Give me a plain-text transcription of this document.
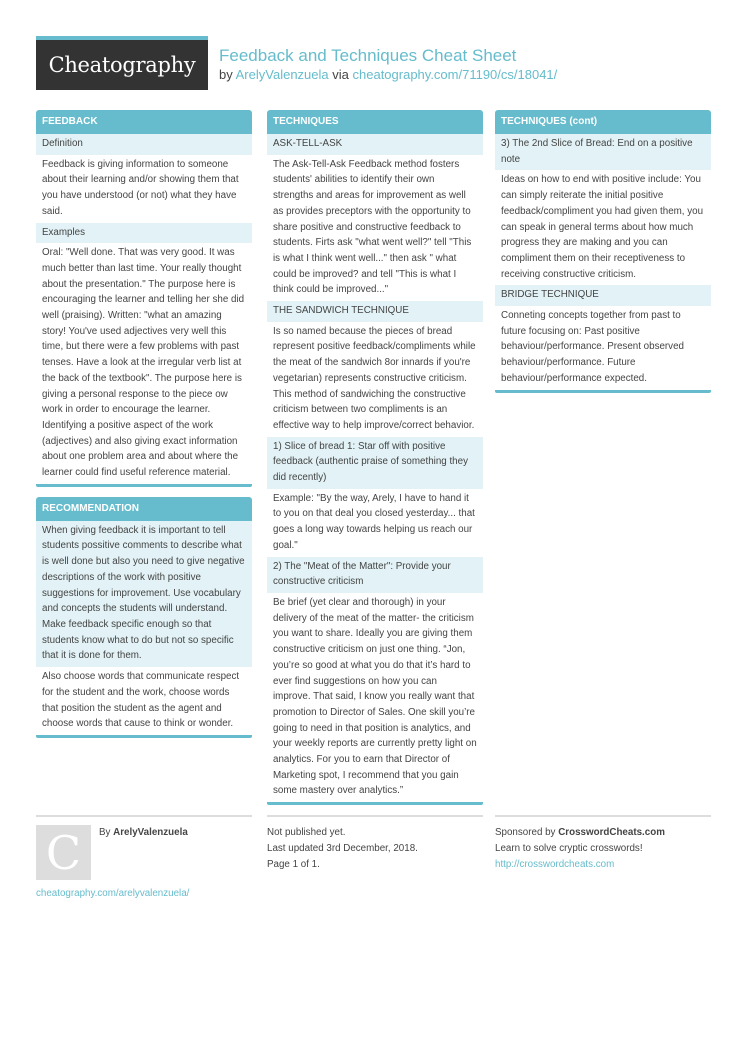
Cheatography	Feedback and Techniques Cheat Sheet
by ArelyValenzuela via cheatography.com/71190/cs/18041/
FEEDBACK
Definition
Feedback is giving information to someone about their learning and/or showing them that you have understood (or not) what they have said.
Examples
Oral: "Well done. That was very good. It was much better than last time. Your really thought about the presentation." The purpose here is encouraging the learner and telling her she did well (praising). Written: "what an amazing story! You've used adjectives very well this time, but there were a few problems with past tenses. Have a look at the irregular verb list at the back of the textbook". The purpose here is giving a personal response to the piece ow work in order to encourage the learner. Identifying a positive aspect of the work (adjectives) and also giving exact information about one problem area and about where the learner could find useful reference material.
RECOMMENDATION
When giving feedback it is important to tell students possitive comments to describe what is well done but also you need to give negative descriptions of the work with positive suggestions for improvement. Use vocabulary and concepts the students will understand. Make feedback specific enough so that students know what to do but not so specific that it is done for them.
Also choose words that communicate respect for the student and the work, choose words that position the student as the agent and choose words that cause to think or wonder.
TECHNIQUES
ASK-TELL-ASK
The Ask-Tell-Ask Feedback method fosters students' abilities to identify their own strengths and areas for improvement as well as provides preceptors with the opportunity to share positive and constructive feedback to students. Firts ask "what went well?" tell "This is what I think went well..." then ask " what could be improved? and tell "This is what I think could be improved..."
THE SANDWICH TECHNIQUE
Is so named because the pieces of bread represent positive feedback/compliments while the meat of the sandwich 8or innards if you're vegetarian) represents constructive criticism. This method of sandwiching the constructive criticism between two compliments is an effective way to help improve/correct behavior.
1) Slice of bread 1: Star off with positive feedback (authentic praise of something they did recently)
Example: "By the way, Arely, I have to hand it to you on that deal you closed yesterday... that goes a long way towards helping us reach our goal."
2) The "Meat of the Matter": Provide your constructive criticism
Be brief (yet clear and thorough) in your delivery of the meat of the matter- the criticism you want to share. Ideally you are giving them constructive criticism on just one thing. “Jon, you’re so good at what you do that it’s hard to ever find suggestions on how you can improve. That said, I know you really want that promotion to Director of Sales. One skill you’re going to need in that position is analytics, and your weekly reports are currently pretty light on analytics. For you to earn that Director of Marketing spot, I recommend that you gain some mastery over analytics.”
TECHNIQUES (cont)
3) The 2nd Slice of Bread: End on a positive note
Ideas on how to end with positive include: You can simply reiterate the initial positive feedback/compliment you had given them, you can speak in general terms about how much progress they are making and you can compliment them on their receptiveness to receiving constructive criticism.
BRIDGE TECHNIQUE
Conneting concepts together from past to future focusing on: Past positive behaviour/performance. Present observed behaviour/performance. Future behaviour/performance expected.
C	By ArelyValenzuela
cheatography.com/arelyvalenzuela/
Not published yet.
Last updated 3rd December, 2018.
Page 1 of 1.
Sponsored by CrosswordCheats.com
Learn to solve cryptic crosswords!
http://crosswordcheats.com
